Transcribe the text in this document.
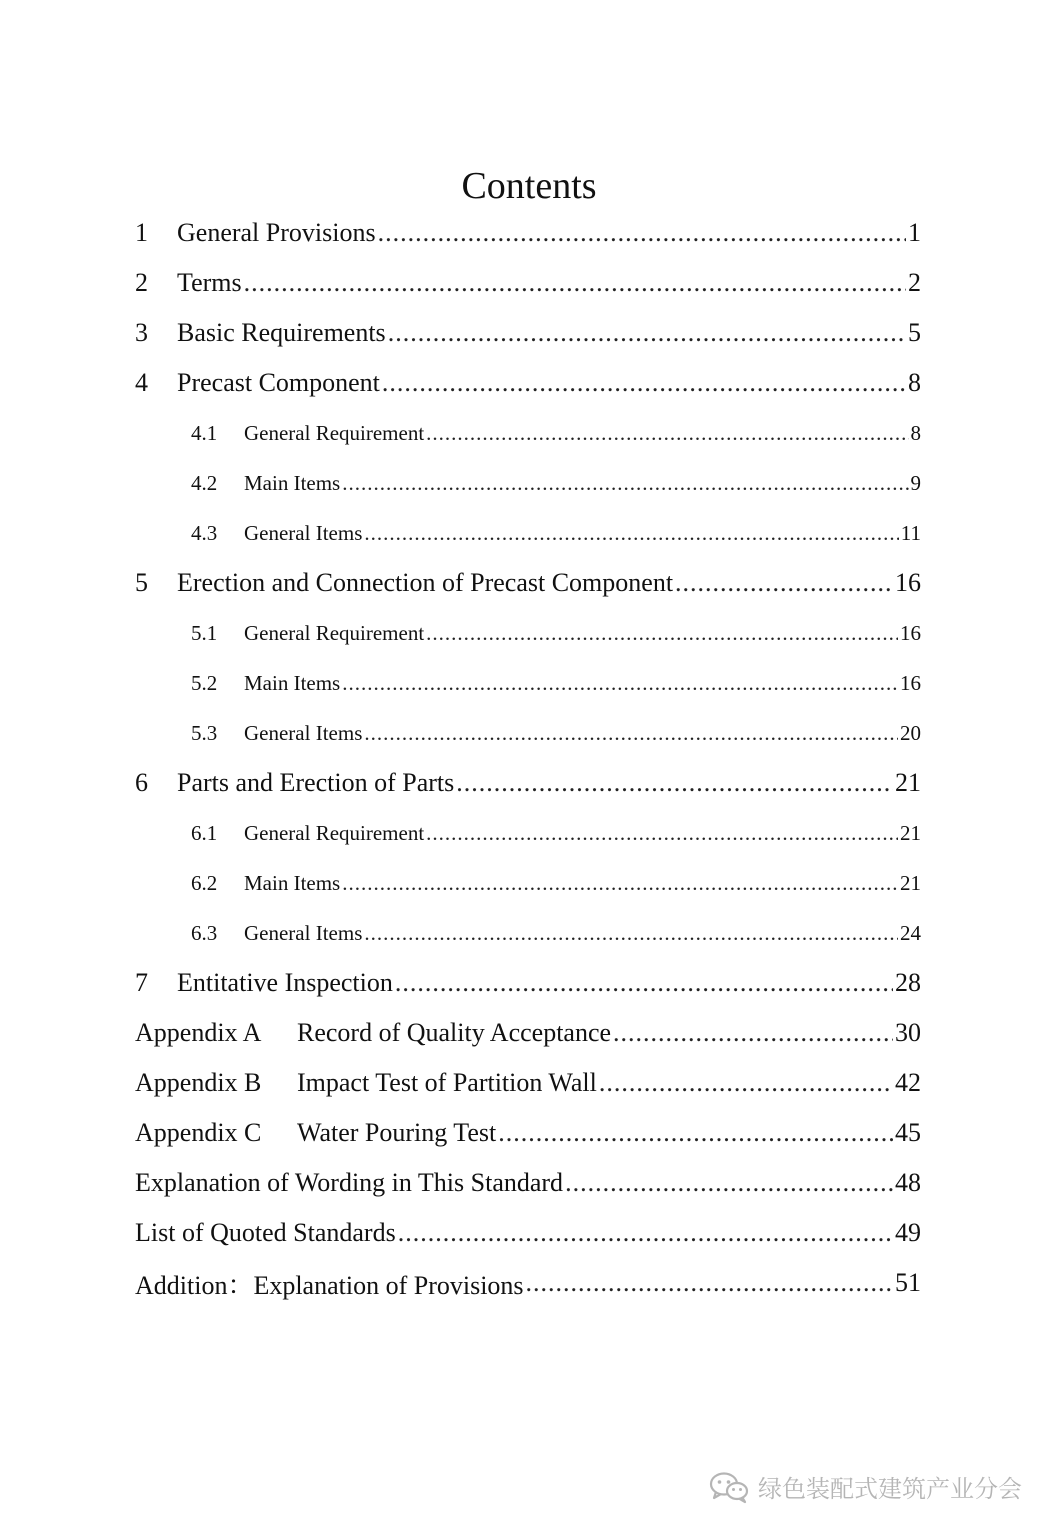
Contents
1	General Provisions .....	1
2	Terms .....	2
3	Basic Requirements .....	5
4	Precast Component .....	8
4.1	General Requirement .....	8
4.2	Main Items .....	9
4.3	General Items .....	11
5	Erection and Connection of Precast Component .....	16
5.1	General Requirement .....	16
5.2	Main Items .....	16
5.3	General Items .....	20
6	Parts and Erection of Parts .....	21
6.1	General Requirement .....	21
6.2	Main Items .....	21
6.3	General Items .....	24
7	Entitative Inspection .....	28
Appendix A	Record of Quality Acceptance .....	30
Appendix B	Impact Test of Partition Wall .....	42
Appendix C	Water Pouring Test .....	45
Explanation of Wording in This Standard .....	48
List of Quoted Standards .....	49
Addition：Explanation of Provisions .....	51
绿色装配式建筑产业分会
